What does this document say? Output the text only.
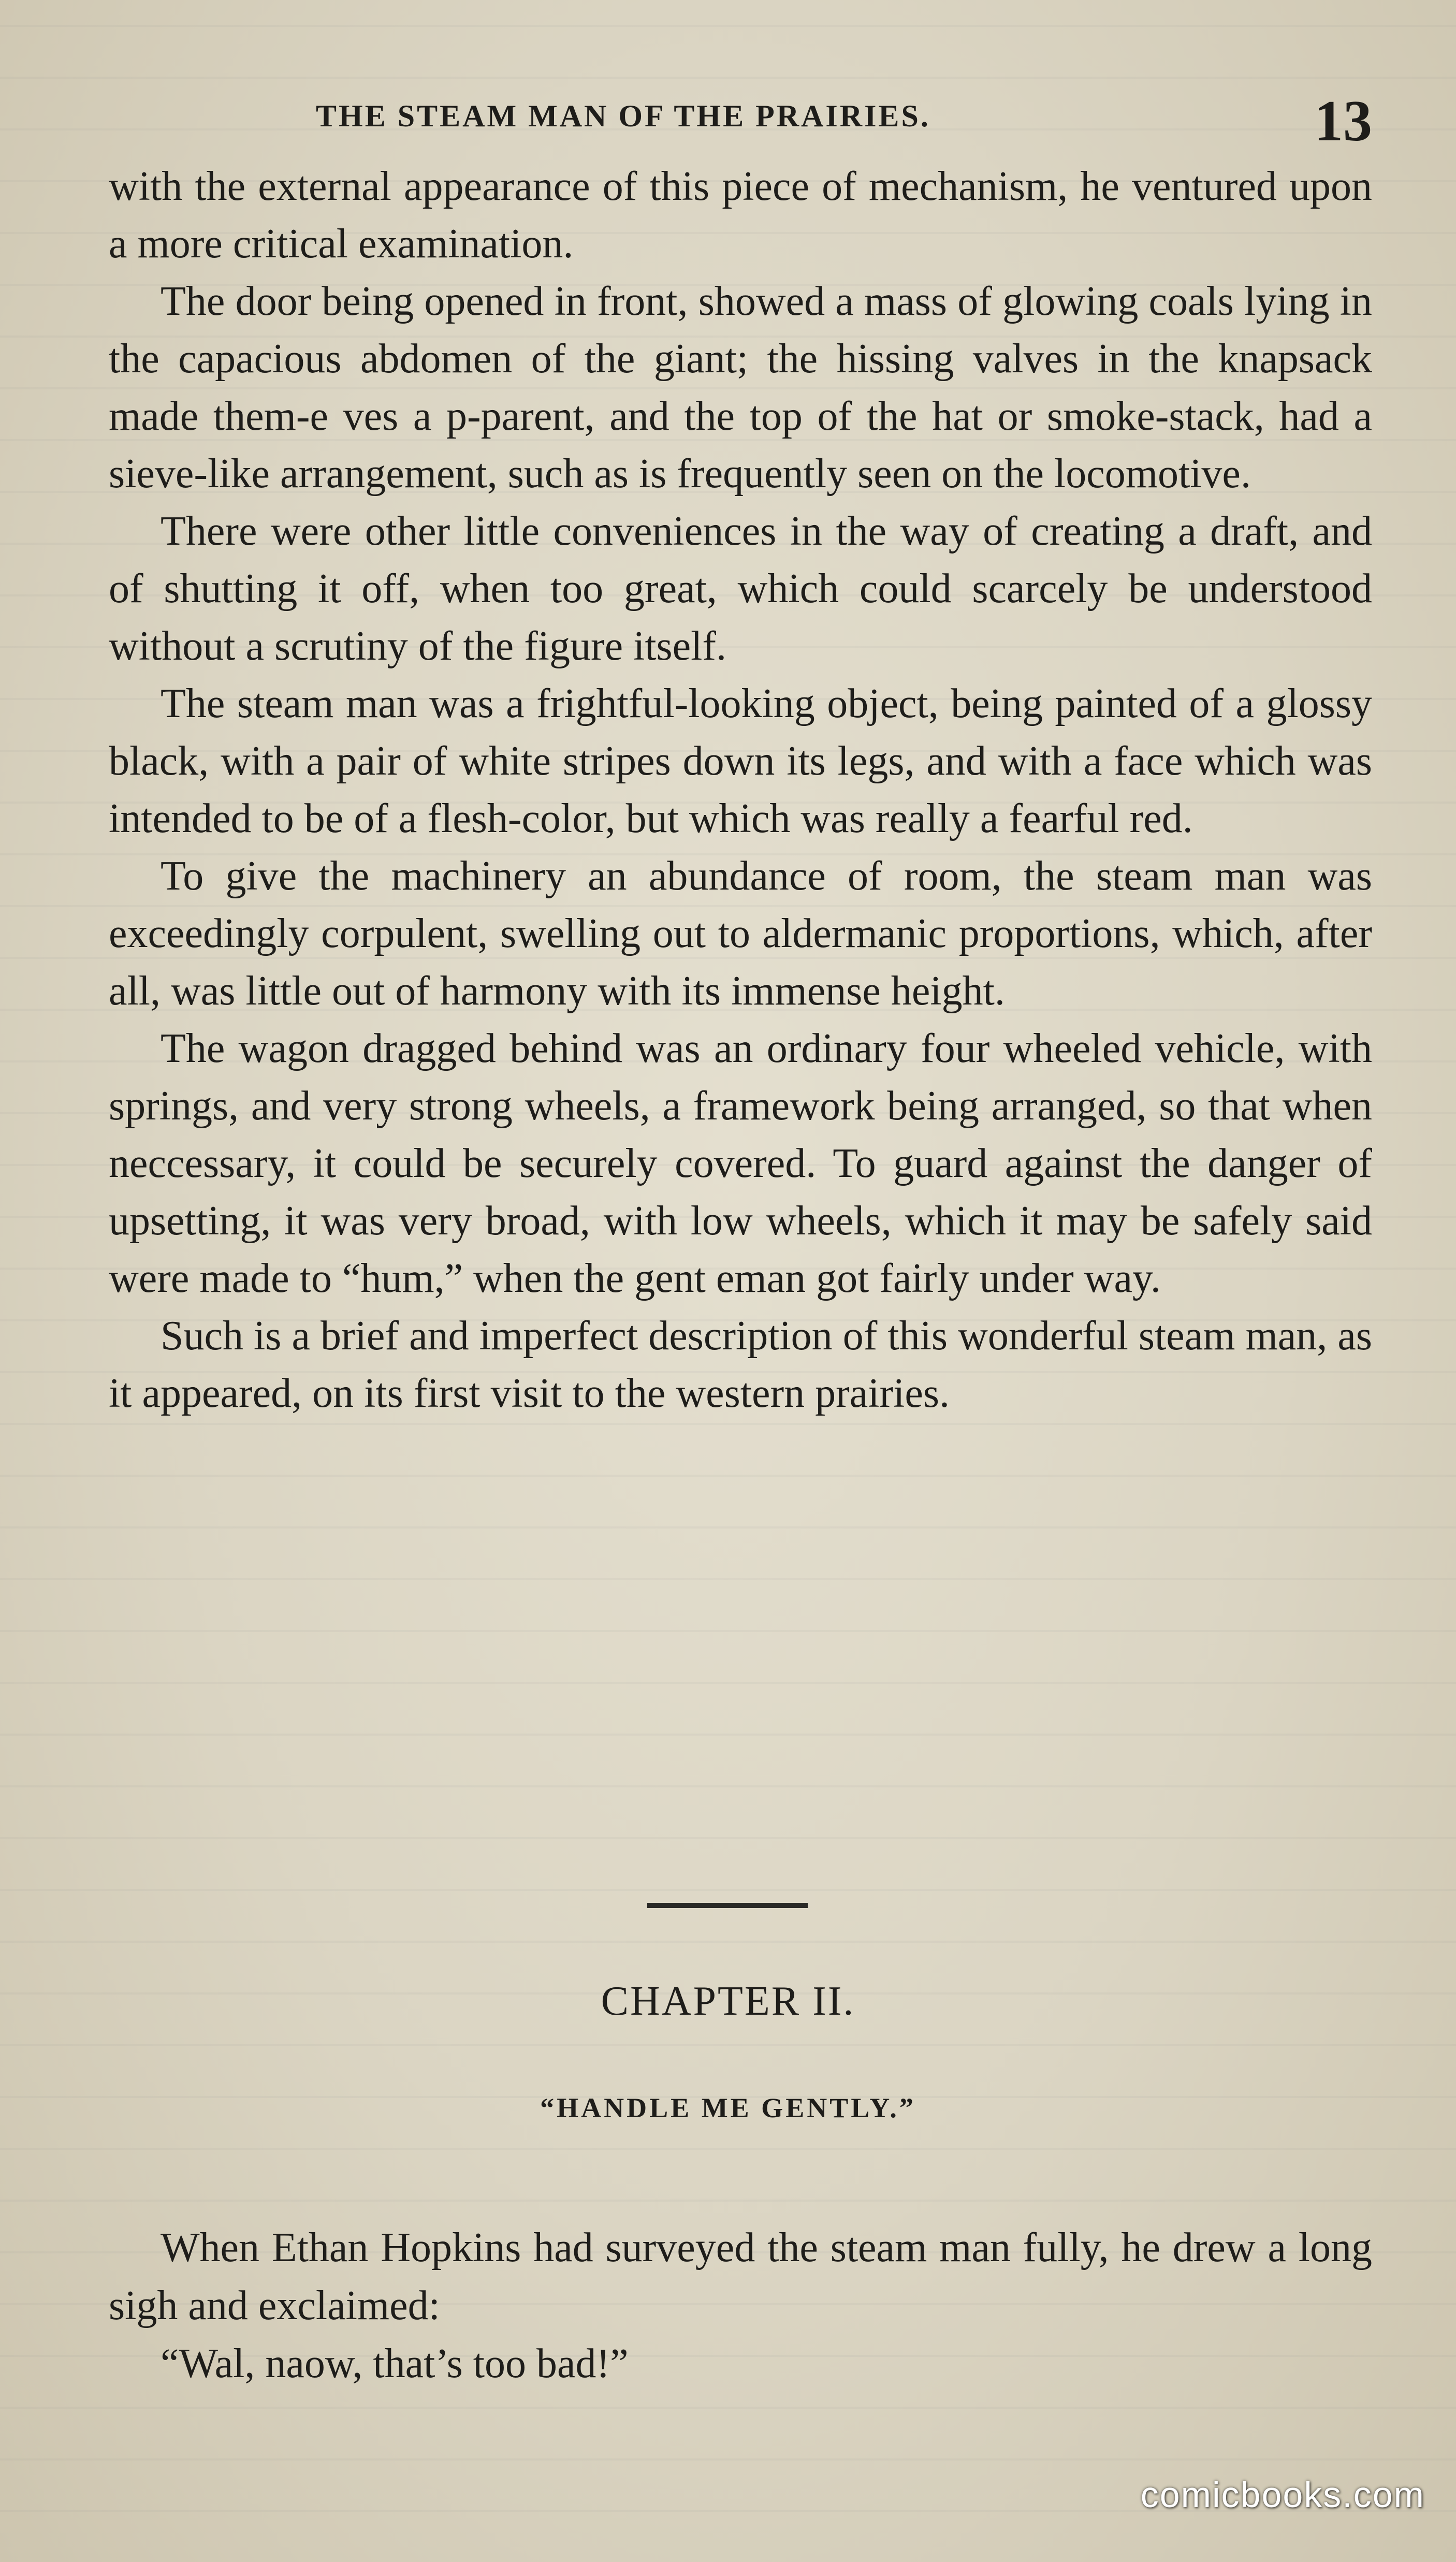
THE STEAM MAN OF THE PRAIRIES.	13

with the external appearance of this piece of mechanism, he ventured upon a more critical examination.

The door being opened in front, showed a mass of glowing coals lying in the capacious abdomen of the giant; the hissing valves in the knapsack made them-e ves a p-parent, and the top of the hat or smoke-stack, had a sieve-like arrangement, such as is frequently seen on the locomotive.

There were other little conveniences in the way of creating a draft, and of shutting it off, when too great, which could scarcely be understood without a scrutiny of the figure itself.

The steam man was a frightful-looking object, being painted of a glossy black, with a pair of white stripes down its legs, and with a face which was intended to be of a flesh-color, but which was really a fearful red.

To give the machinery an abundance of room, the steam man was exceedingly corpulent, swelling out to aldermanic proportions, which, after all, was little out of harmony with its immense height.

The wagon dragged behind was an ordinary four wheeled vehicle, with springs, and very strong wheels, a framework being arranged, so that when neccessary, it could be securely covered. To guard against the danger of upsetting, it was very broad, with low wheels, which it may be safely said were made to “hum,” when the gent eman got fairly under way.

Such is a brief and imperfect description of this wonderful steam man, as it appeared, on its first visit to the western prairies.

CHAPTER II.
“HANDLE ME GENTLY.”

When Ethan Hopkins had surveyed the steam man fully, he drew a long sigh and exclaimed:

“Wal, naow, that’s too bad!”

comicbooks.com
